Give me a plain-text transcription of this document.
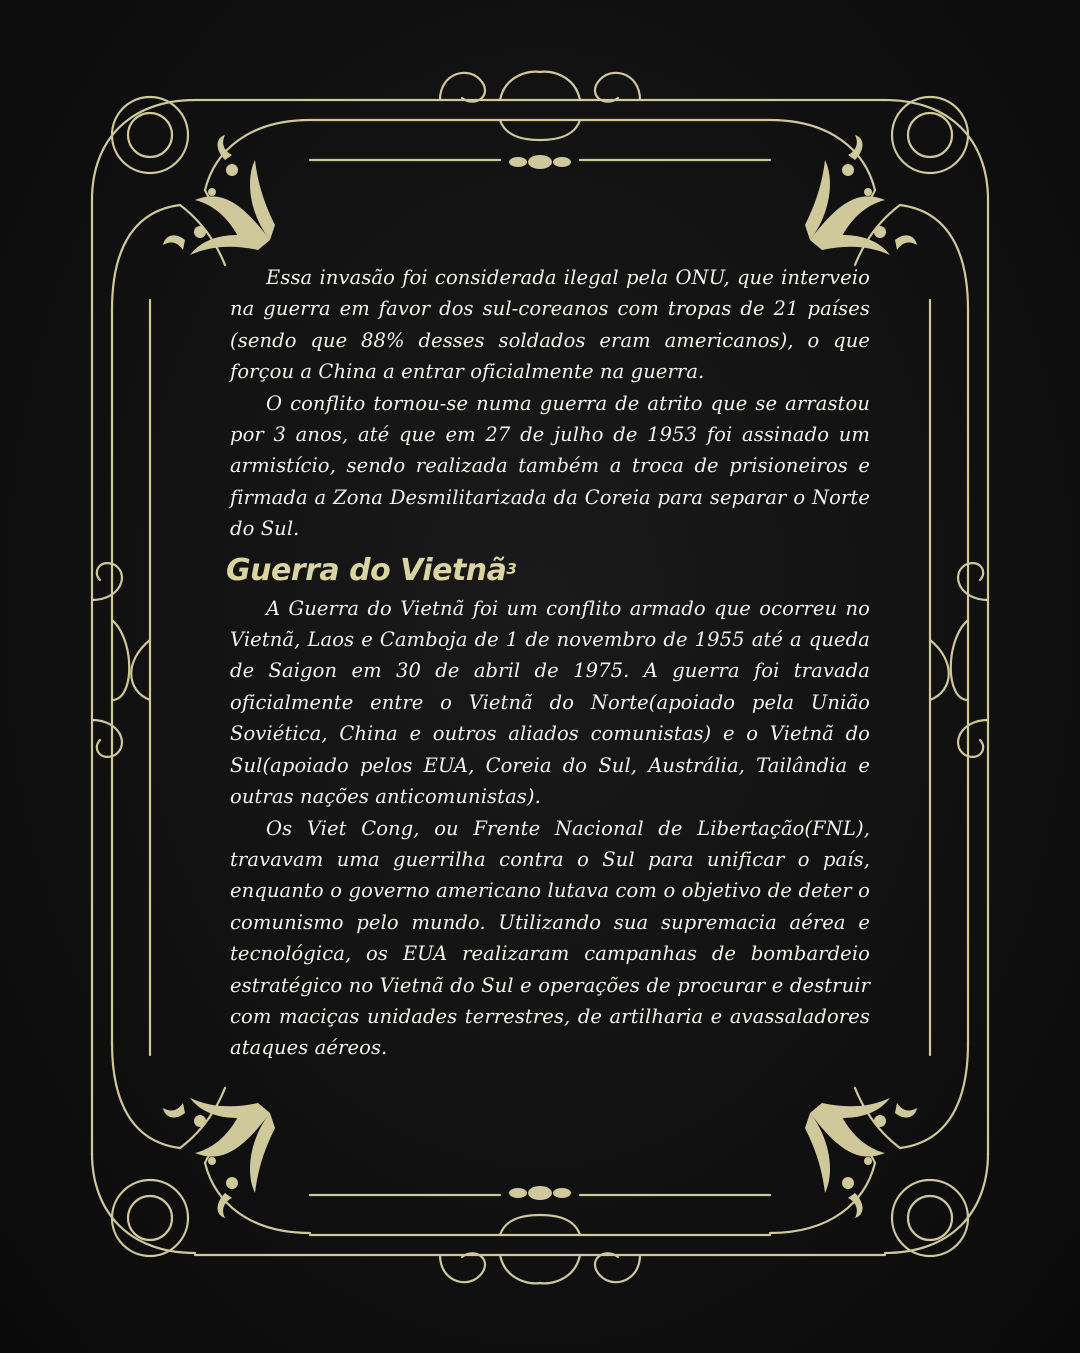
Essa invasão foi considerada ilegal pela ONU, que interveio na guerra em favor dos sul-coreanos com tropas de 21 países (sendo que 88% desses soldados eram americanos), o que forçou a China a entrar oficialmente na guerra.

O conflito tornou-se numa guerra de atrito que se arrastou por 3 anos, até que em 27 de julho de 1953 foi assinado um armistício, sendo realizada também a troca de prisioneiros e firmada a Zona Desmilitarizada da Coreia para separar o Norte do Sul.

Guerra do Vietnã$^3$

A Guerra do Vietnã foi um conflito armado que ocorreu no Vietnã, Laos e Camboja de 1 de novembro de 1955 até a queda de Saigon em 30 de abril de 1975. A guerra foi travada oficialmente entre o Vietnã do Norte(apoiado pela União Soviética, China e outros aliados comunistas) e o Vietnã do Sul(apoiado pelos EUA, Coreia do Sul, Austrália, Tailândia e outras nações anticomunistas).

Os Viet Cong, ou Frente Nacional de Libertação(FNL), travavam uma guerrilha contra o Sul para unificar o país, enquanto o governo americano lutava com o objetivo de deter o comunismo pelo mundo. Utilizando sua supremacia aérea e tecnológica, os EUA realizaram campanhas de bombardeio estratégico no Vietnã do Sul e operações de procurar e destruir com maciças unidades terrestres, de artilharia e avassaladores ataques aéreos.
